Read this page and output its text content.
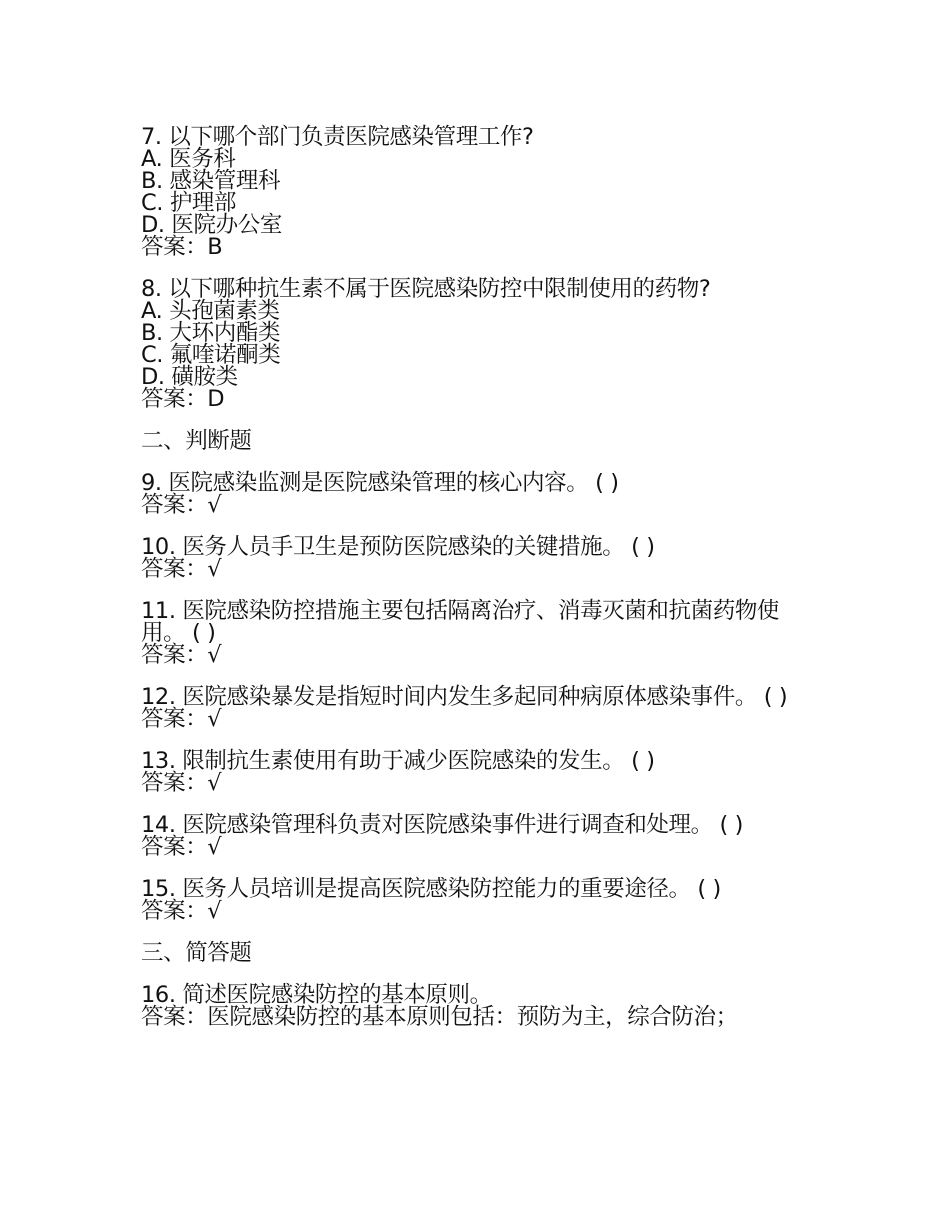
7. 以下哪个部门负责医院感染管理工作?
A. 医务科
B. 感染管理科
C. 护理部
D. 医院办公室
答案：B
8. 以下哪种抗生素不属于医院感染防控中限制使用的药物?
A. 头孢菌素类
B. 大环内酯类
C. 氟喹诺酮类
D. 磺胺类
答案：D
二、判断题
9. 医院感染监测是医院感染管理的核心内容。 ( )
答案：√
10. 医务人员手卫生是预防医院感染的关键措施。 ( )
答案：√
11. 医院感染防控措施主要包括隔离治疗、消毒灭菌和抗菌药物使用。 ( )
答案：√
12. 医院感染暴发是指短时间内发生多起同种病原体感染事件。 ( )
答案：√
13. 限制抗生素使用有助于减少医院感染的发生。 ( )
答案：√
14. 医院感染管理科负责对医院感染事件进行调查和处理。 ( )
答案：√
15. 医务人员培训是提高医院感染防控能力的重要途径。 ( )
答案：√
三、简答题
16. 简述医院感染防控的基本原则。
答案：医院感染防控的基本原则包括：预防为主，综合防治；
